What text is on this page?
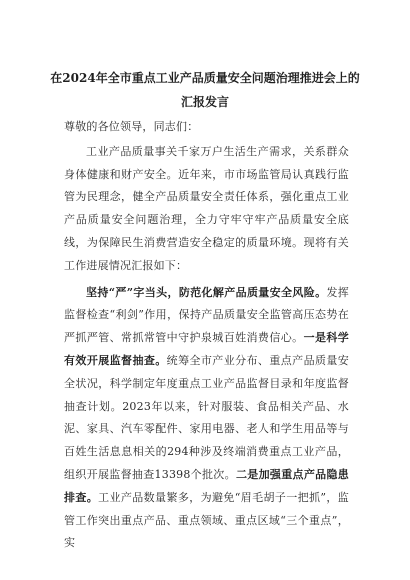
在2024年全市重点工业产品质量安全问题治理推进会上的
汇报发言

尊敬的各位领导，同志们：

工业产品质量事关千家万户生活生产需求，关系群众身体健康和财产安全。近年来，市市场监管局认真践行监管为民理念，健全产品质量安全责任体系，强化重点工业产品质量安全问题治理，全力守牢守牢产品质量安全底线，为保障民生消费营造安全稳定的质量环境。现将有关工作进展情况汇报如下：

坚持“严”字当头，防范化解产品质量安全风险。发挥监督检查“利剑”作用，保持产品质量安全监管高压态势在严抓严管、常抓常管中守护泉城百姓消费信心。一是科学有效开展监督抽查。统筹全市产业分布、重点产品质量安全状况，科学制定年度重点工业产品监督目录和年度监督抽查计划。2023年以来，针对服装、食品相关产品、水泥、家具、汽车零配件、家用电器、老人和学生用品等与百姓生活息息相关的294种涉及终端消费重点工业产品，组织开展监督抽查13398个批次。二是加强重点产品隐患排查。工业产品数量繁多，为避免“眉毛胡子一把抓”，监管工作突出重点产品、重点领域、重点区域“三个重点”，实
